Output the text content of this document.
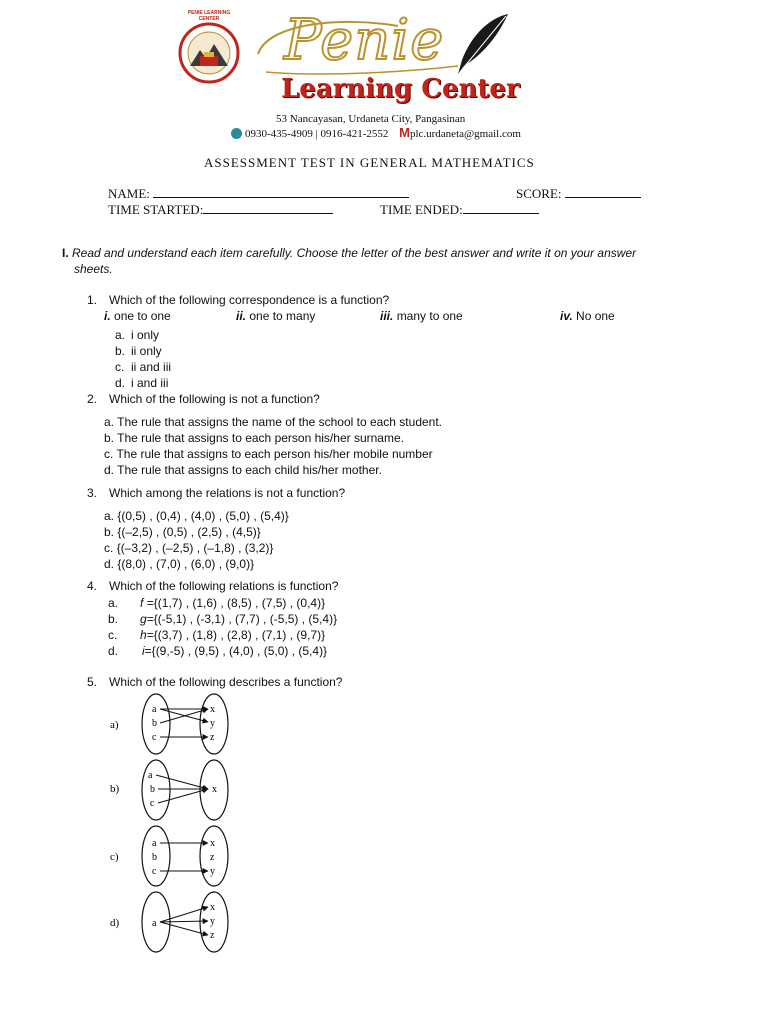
PENIE LEARNING CENTER	Penie
Learning Center
53 Nancayasan, Urdaneta City, Pangasinan
0930-435-4909 | 0916-421-2552 Mplc.urdaneta@gmail.com
ASSESSMENT TEST IN GENERAL MATHEMATICS
NAME:	SCORE:
TIME STARTED:	TIME ENDED:
I. Read and understand each item carefully. Choose the letter of the best answer and write it on your answer
sheets.
1. Which of the following correspondence is a function?
i. one to one	ii. one to many	iii. many to one	iv. No one
a. i only
b. ii only
c. ii and iii
d. i and iii
2. Which of the following is not a function?
a. The rule that assigns the name of the school to each student.
b. The rule that assigns to each person his/her surname.
c. The rule that assigns to each person his/her mobile number
d. The rule that assigns to each child his/her mother.
3. Which among the relations is not a function?
a. {(0,5) , (0,4) , (4,0) , (5,0) , (5,4)}
b. {(–2,5) , (0,5) , (2,5) , (4,5)}
c. {(–3,2) , (–2,5) , (–1,8) , (3,2)}
d. {(8,0) , (7,0) , (6,0) , (9,0)}
4. Which of the following relations is function?
a. f ={(1,7) , (1,6) , (8,5) , (7,5) , (0,4)}
b. g={(-5,1) , (-3,1) , (7,7) , (-5,5) , (5,4)}
c. h={(3,7) , (1,8) , (2,8) , (7,1) , (9,7)}
d. i={(9,-5) , (9,5) , (4,0) , (5,0) , (5,4)}
5. Which of the following describes a function?
a)
a
b
c
x
y
z
b)
a
b
c
x
c)
a
b
c
x
z
y
d)	a
x
y
z
